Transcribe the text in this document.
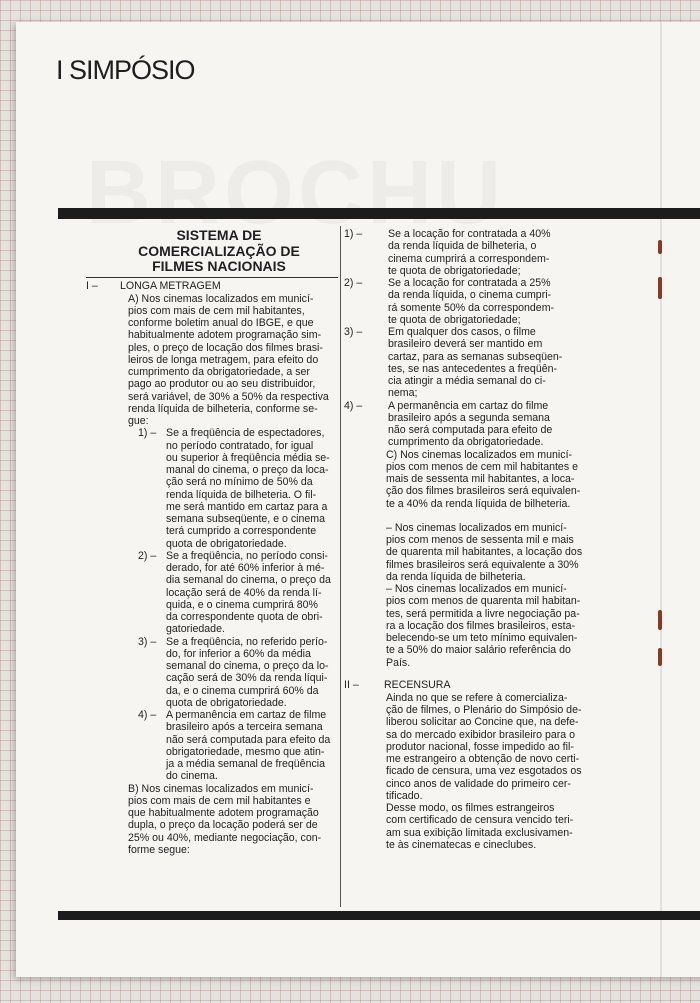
I SIMPÓSIO
SISTEMA DE
COMERCIALIZAÇÃO DE
FILMES NACIONAIS
I – LONGA METRAGEM
A) Nos cinemas localizados em municí-
pios com mais de cem mil habitantes,
conforme boletim anual do IBGE, e que
habitualmente adotem programação sim-
ples, o preço de locação dos filmes brasi-
leiros de longa metragem, para efeito do
cumprimento da obrigatoriedade, a ser
pago ao produtor ou ao seu distribuidor,
será variável, de 30% a 50% da respectiva
renda líquida de bilheteria, conforme se-
gue:
1) – Se a freqüência de espectadores,
no período contratado, for igual
ou superior à freqüência média se-
manal do cinema, o preço da loca-
ção será no mínimo de 50% da
renda líquida de bilheteria. O fil-
me será mantido em cartaz para a
semana subseqüente, e o cinema
terá cumprido a correspondente
quota de obrigatoriedade.
2) – Se a freqüência, no período consi-
derado, for até 60% inferior à mé-
dia semanal do cinema, o preço da
locação será de 40% da renda lí-
quida, e o cinema cumprirá 80%
da correspondente quota de obri-
gatoriedade.
3) – Se a freqüência, no referido perío-
do, for inferior a 60% da média
semanal do cinema, o preço da lo-
cação será de 30% da renda líqui-
da, e o cinema cumprirá 60% da
quota de obrigatoriedade.
4) – A permanência em cartaz de filme
brasileiro após a terceira semana
não será computada para efeito da
obrigatoriedade, mesmo que atin-
ja a média semanal de freqüência
do cinema.
B) Nos cinemas localizados em municí-
pios com mais de cem mil habitantes e
que habitualmente adotem programação
dupla, o preço da locação poderá ser de
25% ou 40%, mediante negociação, con-
forme segue:
1) – Se a locação for contratada a 40%
da renda líquida de bilheteria, o
cinema cumprirá a correspondem-
te quota de obrigatoriedade;
2) – Se a locação for contratada a 25%
da renda líquida, o cinema cumpri-
rá somente 50% da correspondem-
te quota de obrigatoriedade;
3) – Em qualquer dos casos, o filme
brasileiro deverá ser mantido em
cartaz, para as semanas subseqüen-
tes, se nas antecedentes a freqüên-
cia atingir a média semanal do ci-
nema;
4) – A permanência em cartaz do filme
brasileiro após a segunda semana
não será computada para efeito de
cumprimento da obrigatoriedade.
C) Nos cinemas localizados em municí-
pios com menos de cem mil habitantes e
mais de sessenta mil habitantes, a loca-
ção dos filmes brasileiros será equivalen-
te a 40% da renda líquida de bilheteria.
– Nos cinemas localizados em municí-
pios com menos de sessenta mil e mais
de quarenta mil habitantes, a locação dos
filmes brasileiros será equivalente a 30%
da renda líquida de bilheteria.
– Nos cinemas localizados em municí-
pios com menos de quarenta mil habitan-
tes, será permitida a livre negociação pa-
ra a locação dos filmes brasileiros, esta-
belecendo-se um teto mínimo equivalen-
te a 50% do maior salário referência do
País.
II – RECENSURA
Ainda no que se refere à comercializa-
ção de filmes, o Plenário do Simpósio de-
liberou solicitar ao Concine que, na defe-
sa do mercado exibidor brasileiro para o
produtor nacional, fosse impedido ao fil-
me estrangeiro a obtenção de novo certi-
ficado de censura, uma vez esgotados os
cinco anos de validade do primeiro cer-
tificado.
Desse modo, os filmes estrangeiros
com certificado de censura vencido teri-
am sua exibição limitada exclusivamen-
te às cinematecas e cineclubes.
